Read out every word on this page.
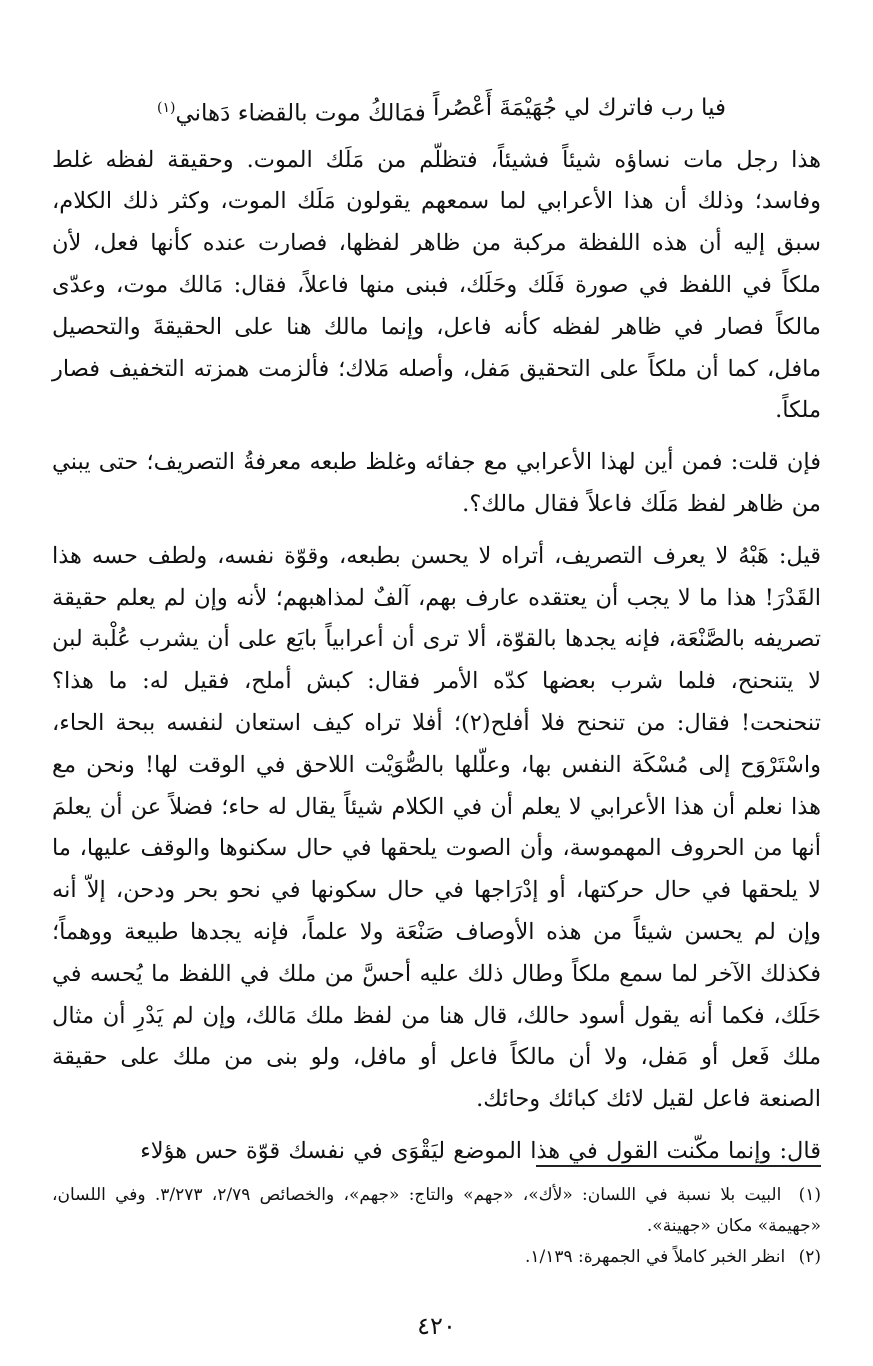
فيا رب فاترك لي جُهَيْمَةَ أَعْصُراً
فمَالكُ موت بالقضاء دَهاني$^{(١)}$

هذا رجل مات نساؤه شيئاً فشيئاً، فتظلّم من مَلَك الموت. وحقيقة لفظه غلط وفاسد؛ وذلك أن هذا الأعرابي لما سمعهم يقولون مَلَك الموت، وكثر ذلك الكلام، سبق إليه أن هذه اللفظة مركبة من ظاهر لفظها، فصارت عنده كأنها فعل، لأن ملكاً في اللفظ في صورة فَلَك وحَلَك، فبنى منها فاعلاً، فقال: مَالك موت، وعدّى مالكاً فصار في ظاهر لفظه كأنه فاعل، وإنما مالك هنا على الحقيقةَ والتحصيل مافل، كما أن ملكاً على التحقيق مَفل، وأصله مَلاك؛ فألزمت همزته التخفيف فصار ملكاً.

فإن قلت: فمن أين لهذا الأعرابي مع جفائه وغلظ طبعه معرفةُ التصريف؛ حتى يبني من ظاهر لفظ مَلَك فاعلاً فقال مالك؟.

قيل: هَبْهُ لا يعرف التصريف، أتراه لا يحسن بطبعه، وقوّة نفسه، ولطف حسه هذا القَدْرَ! هذا ما لا يجب أن يعتقده عارف بهم، آلفٌ لمذاهبهم؛ لأنه وإن لم يعلم حقيقة تصريفه بالصَّنْعَة، فإنه يجدها بالقوّة، ألا ترى أن أعرابياً بايَع على أن يشرب عُلْبة لبن لا يتنحنح، فلما شرب بعضها كدّه الأمر فقال: كبش أملح، فقيل له: ما هذا؟ تنحنحت! فقال: من تنحنح فلا أفلح(٢)؛ أفلا تراه كيف استعان لنفسه ببحة الحاء، واسْتَرْوَح إلى مُسْكَة النفس بها، وعلّلها بالصُّوَيْت اللاحق في الوقت لها! ونحن مع هذا نعلم أن هذا الأعرابي لا يعلم أن في الكلام شيئاً يقال له حاء؛ فضلاً عن أن يعلمَ أنها من الحروف المهموسة، وأن الصوت يلحقها في حال سكنوها والوقف عليها، ما لا يلحقها في حال حركتها، أو إدْرَاجها في حال سكونها في نحو بحر ودحن، إلاّ أنه وإن لم يحسن شيئاً من هذه الأوصاف صَنْعَة ولا علماً، فإنه يجدها طبيعة ووهماً؛ فكذلك الآخر لما سمع ملكاً وطال ذلك عليه أحسَّ من ملك في اللفظ ما يُحسه في حَلَك، فكما أنه يقول أسود حالك، قال هنا من لفظ ملك مَالك، وإن لم يَدْرِ أن مثال ملك فَعل أو مَفل، ولا أن مالكاً فاعل أو مافل، ولو بنى من ملك على حقيقة الصنعة فاعل لقيل لائك كبائك وحائك.

قال: وإنما مكّنت القول في هذا الموضع ليَقْوَى في نفسك قوّة حس هؤلاء

(١) البيت بلا نسبة في اللسان: «لأك»، «جهم» والتاج: «جهم»، والخصائص ٢/٧٩، ٣/٢٧٣. وفي اللسان، «جهيمة» مكان «جهينة».

(٢) انظر الخبر كاملاً في الجمهرة: ١/١٣٩.

٤٢٠
